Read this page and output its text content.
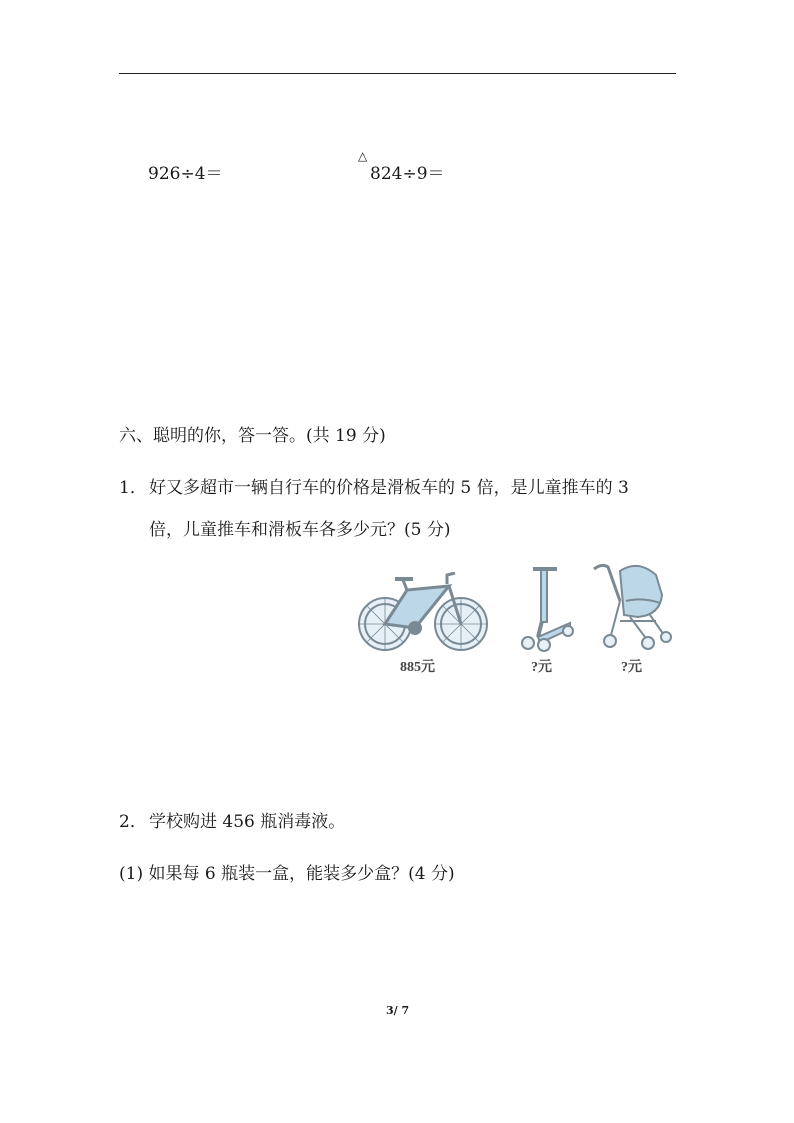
926÷4＝
△
824÷9＝
六、聪明的你，答一答。(共 19 分)
1． 好又多超市一辆自行车的价格是滑板车的 5 倍，是儿童推车的 3
倍，儿童推车和滑板车各多少元？(5 分)
885元	?元	?元
2． 学校购进 456 瓶消毒液。
(1) 如果每 6 瓶装一盒，能装多少盒？(4 分)
3/ 7
